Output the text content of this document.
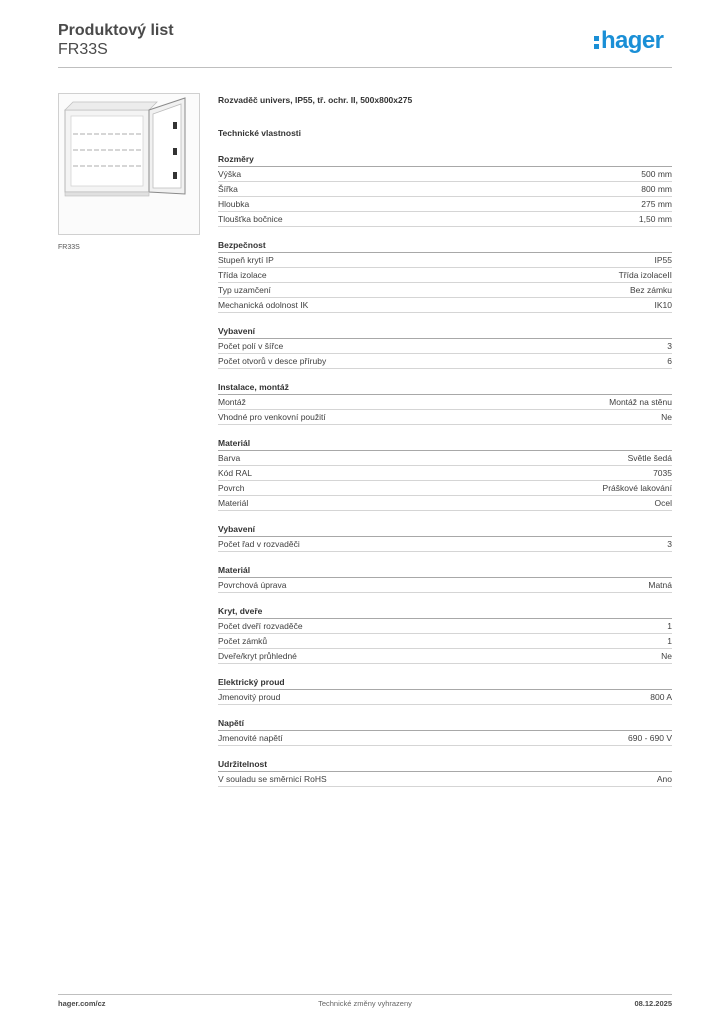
Produktový list
FR33S	hager
FR33S
Rozvaděč univers, IP55, tř. ochr. II, 500x800x275
Technické vlastnosti
Rozměry
Výška	500 mm
Šířka	800 mm
Hloubka	275 mm
Tloušťka bočnice	1,50 mm
Bezpečnost
Stupeň krytí IP	IP55
Třída izolace	Třída izolaceII
Typ uzamčení	Bez zámku
Mechanická odolnost IK	IK10
Vybavení
Počet polí v šířce	3
Počet otvorů v desce příruby	6
Instalace, montáž
Montáž	Montáž na stěnu
Vhodné pro venkovní použití	Ne
Materiál
Barva	Světle šedá
Kód RAL	7035
Povrch	Práškové lakování
Materiál	Ocel
Vybavení
Počet řad v rozvaděči	3
Materiál
Povrchová úprava	Matná
Kryt, dveře
Počet dveří rozvaděče	1
Počet zámků	1
Dveře/kryt průhledné	Ne
Elektrický proud
Jmenovitý proud	800 A
Napětí
Jmenovité napětí	690 - 690 V
Udržitelnost
V souladu se směrnicí RoHS	Ano
hager.com/cz	Technické změny vyhrazeny	08.12.2025
